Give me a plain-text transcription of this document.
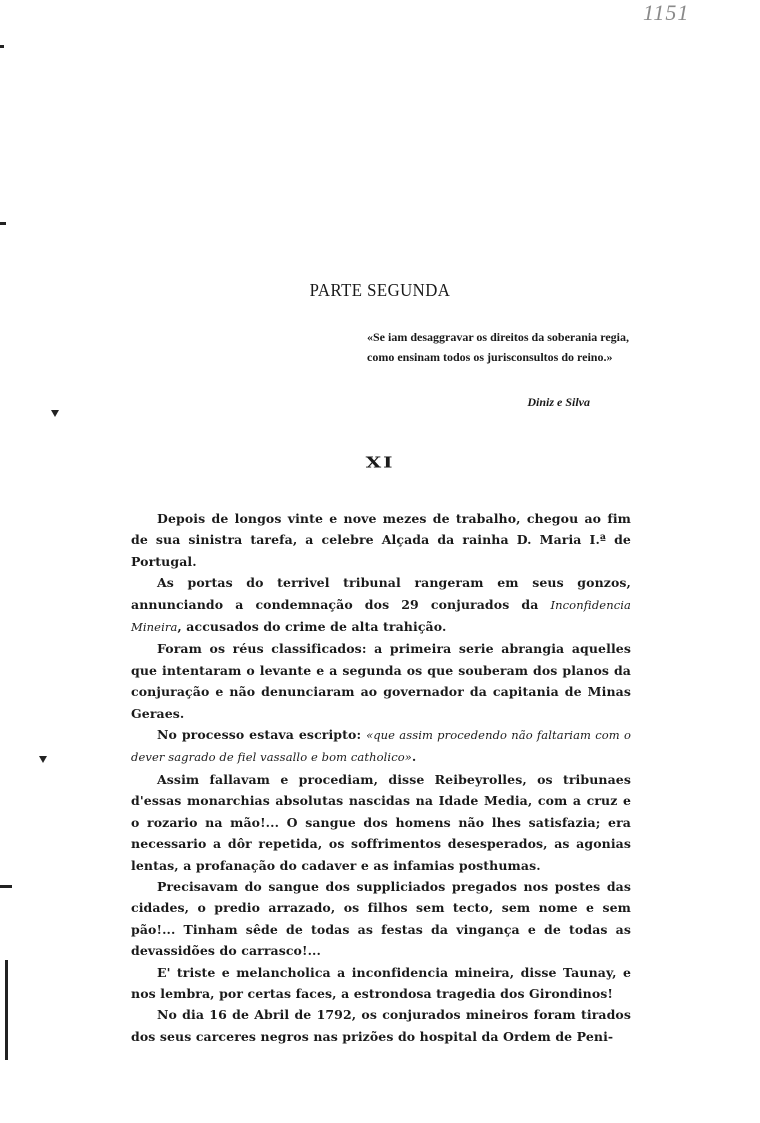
1151
PARTE SEGUNDA
«Se iam desaggravar os direitos da soberania regia, como ensinam todos os jurisconsultos do reino.»
Diniz e Silva
XI

Depois de longos vinte e nove mezes de trabalho, chegou ao fim de sua sinistra tarefa, a celebre Alçada da rainha D. Maria I.ª de Portugal.

As portas do terrivel tribunal rangeram em seus gonzos, annunciando a condemnação dos 29 conjurados da Inconfidencia Mineira, accusados do crime de alta trahição.

Foram os réus classificados: a primeira serie abrangia aquelles que intentaram o levante e a segunda os que souberam dos planos da conjuração e não denunciaram ao governador da capitania de Minas Geraes.

No processo estava escripto: «que assim procedendo não faltariam com o dever sagrado de fiel vassallo e bom catholico».

Assim fallavam e procediam, disse Reibeyrolles, os tribunaes d'essas monarchias absolutas nascidas na Idade Media, com a cruz e o rozario na mão!... O sangue dos homens não lhes satisfazia; era necessario a dôr repetida, os soffrimentos desesperados, as agonias lentas, a profanação do cadaver e as infamias posthumas.

Precisavam do sangue dos suppliciados pregados nos postes das cidades, o predio arrazado, os filhos sem tecto, sem nome e sem pão!... Tinham sêde de todas as festas da vingança e de todas as devassidões do carrasco!...

E' triste e melancholica a inconfidencia mineira, disse Taunay, e nos lembra, por certas faces, a estrondosa tragedia dos Girondinos!

No dia 16 de Abril de 1792, os conjurados mineiros foram tirados dos seus carceres negros nas prizões do hospital da Ordem de Peni-
